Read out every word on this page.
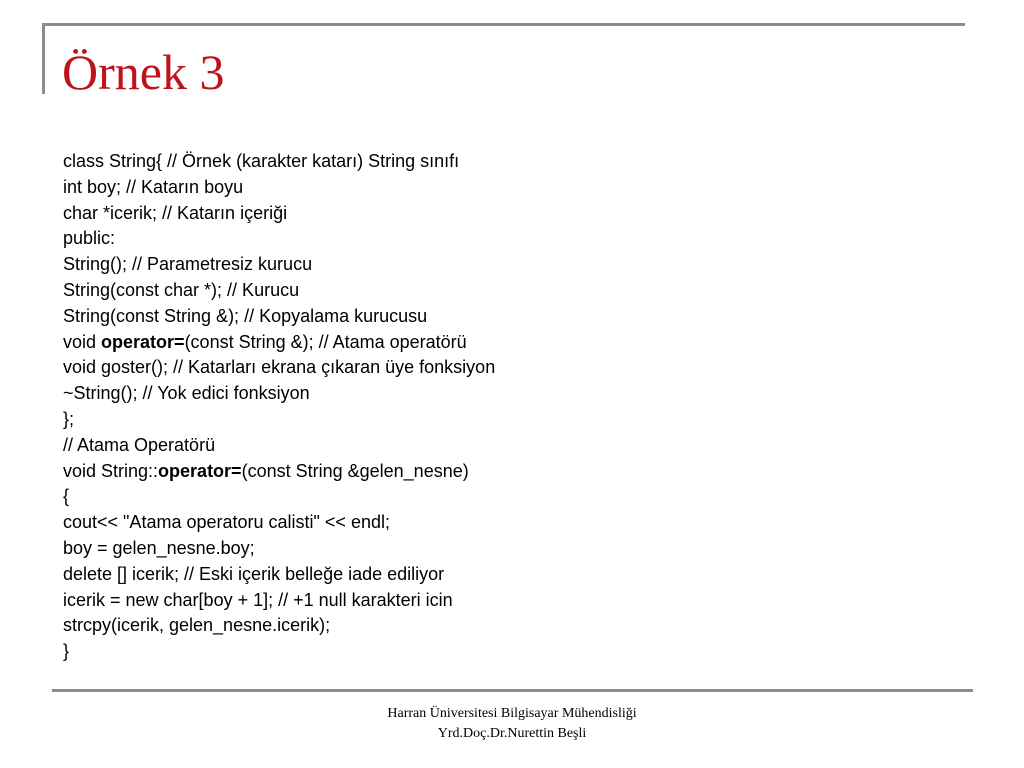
Örnek 3
class String{ // Örnek (karakter katarı) String sınıfı
int boy; // Katarın boyu
char *icerik; // Katarın içeriği
public:
String(); // Parametresiz kurucu
String(const char *); // Kurucu
String(const String &); // Kopyalama kurucusu
void operator=(const String &); // Atama operatörü
void goster(); // Katarları ekrana çıkaran üye fonksiyon
~String(); // Yok edici fonksiyon
};
// Atama Operatörü
void String::operator=(const String &gelen_nesne)
{
cout<< "Atama operatoru calisti" << endl;
boy = gelen_nesne.boy;
delete [] icerik; // Eski içerik belleğe iade ediliyor
icerik = new char[boy + 1]; // +1 null karakteri icin
strcpy(icerik, gelen_nesne.icerik);
}
Harran Üniversitesi Bilgisayar Mühendisliği
Yrd.Doç.Dr.Nurettin Beşli
